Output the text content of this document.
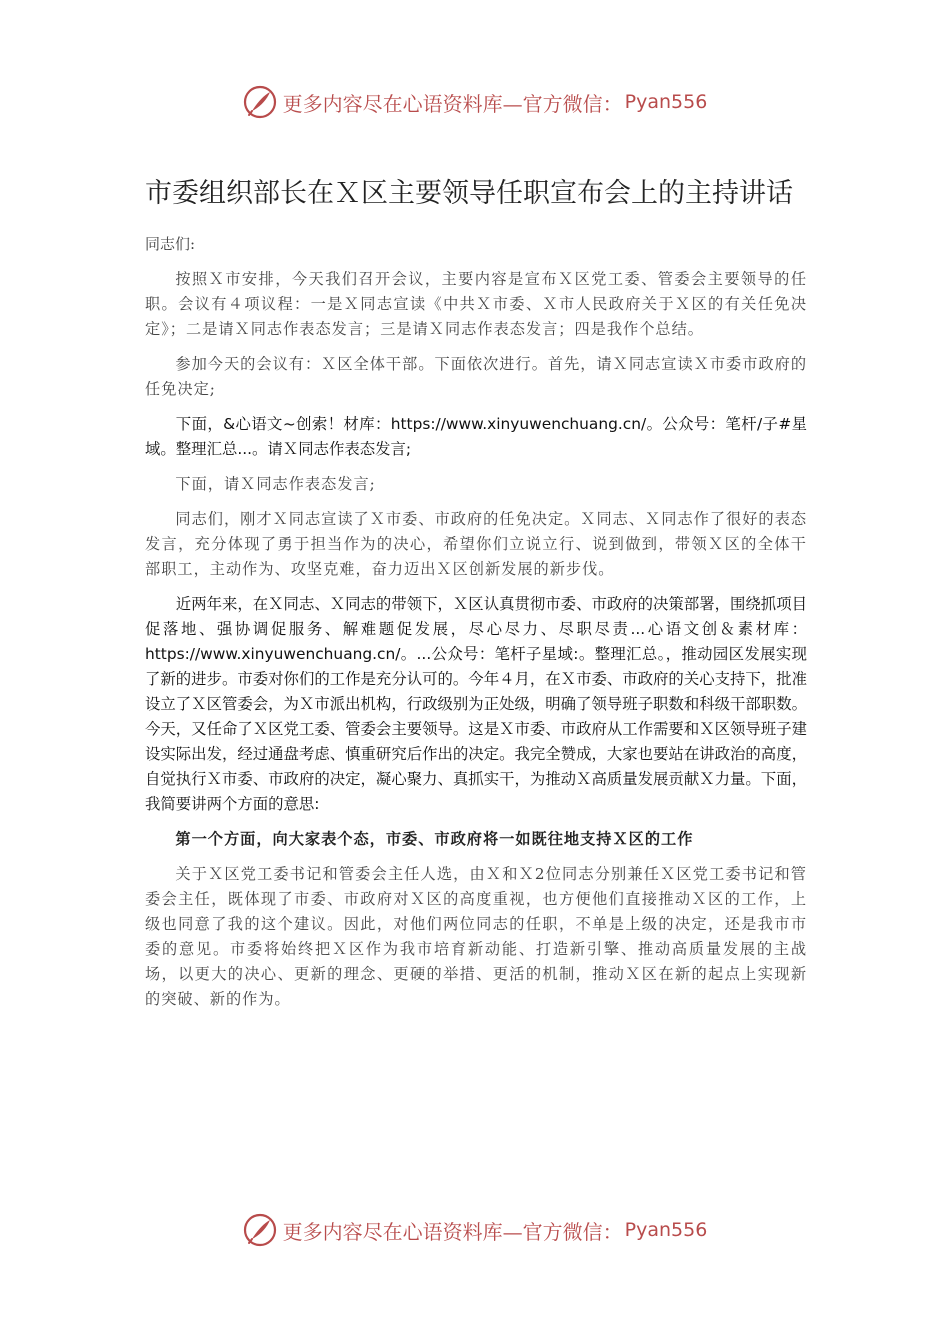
更多内容尽在心语资料库—官方微信： Pyan556
市委组织部长在Ｘ区主要领导任职宣布会上的主持讲话
同志们:

按照Ｘ市安排，今天我们召开会议，主要内容是宣布Ｘ区党工委、管委会主要领导的任职。会议有４项议程：一是Ｘ同志宣读《中共Ｘ市委、Ｘ市人民政府关于Ｘ区的有关任免决定》；二是请Ｘ同志作表态发言；三是请Ｘ同志作表态发言；四是我作个总结。

参加今天的会议有：Ｘ区全体干部。下面依次进行。首先，请Ｘ同志宣读Ｘ市委市政府的任免决定;

下面，&心语文~创索！材库：https://www.xinyuwenchuang.cn/。公众号：笔杆/子#星域。整理汇总...。请Ｘ同志作表态发言;

下面，请Ｘ同志作表态发言;

同志们，刚才Ｘ同志宣读了Ｘ市委、市政府的任免决定。Ｘ同志、Ｘ同志作了很好的表态发言，充分体现了勇于担当作为的决心，希望你们立说立行、说到做到，带领Ｘ区的全体干部职工，主动作为、攻坚克难，奋力迈出Ｘ区创新发展的新步伐。

近两年来，在Ｘ同志、Ｘ同志的带领下，Ｘ区认真贯彻市委、市政府的决策部署，围绕抓项目促落地、强协调促服务、解难题促发展，尽心尽力、尽职尽责...心语文创＆素材库：https://www.xinyuwenchuang.cn/。...公众号：笔杆子星域:。整理汇总。，推动园区发展实现了新的进步。市委对你们的工作是充分认可的。今年４月，在Ｘ市委、市政府的关心支持下，批准设立了Ｘ区管委会，为Ｘ市派出机构，行政级别为正处级，明确了领导班子职数和科级干部职数。今天，又任命了Ｘ区党工委、管委会主要领导。这是Ｘ市委、市政府从工作需要和Ｘ区领导班子建设实际出发，经过通盘考虑、慎重研究后作出的决定。我完全赞成，大家也要站在讲政治的高度，自觉执行Ｘ市委、市政府的决定，凝心聚力、真抓实干，为推动Ｘ高质量发展贡献Ｘ力量。下面，我简要讲两个方面的意思:

第一个方面，向大家表个态，市委、市政府将一如既往地支持Ｘ区的工作

关于Ｘ区党工委书记和管委会主任人选，由Ｘ和Ｘ2位同志分别兼任Ｘ区党工委书记和管委会主任，既体现了市委、市政府对Ｘ区的高度重视，也方便他们直接推动Ｘ区的工作，上级也同意了我的这个建议。因此，对他们两位同志的任职，不单是上级的决定，还是我市市委的意见。市委将始终把Ｘ区作为我市培育新动能、打造新引擎、推动高质量发展的主战场，以更大的决心、更新的理念、更硬的举措、更活的机制，推动Ｘ区在新的起点上实现新的突破、新的作为。

更多内容尽在心语资料库—官方微信： Pyan556
